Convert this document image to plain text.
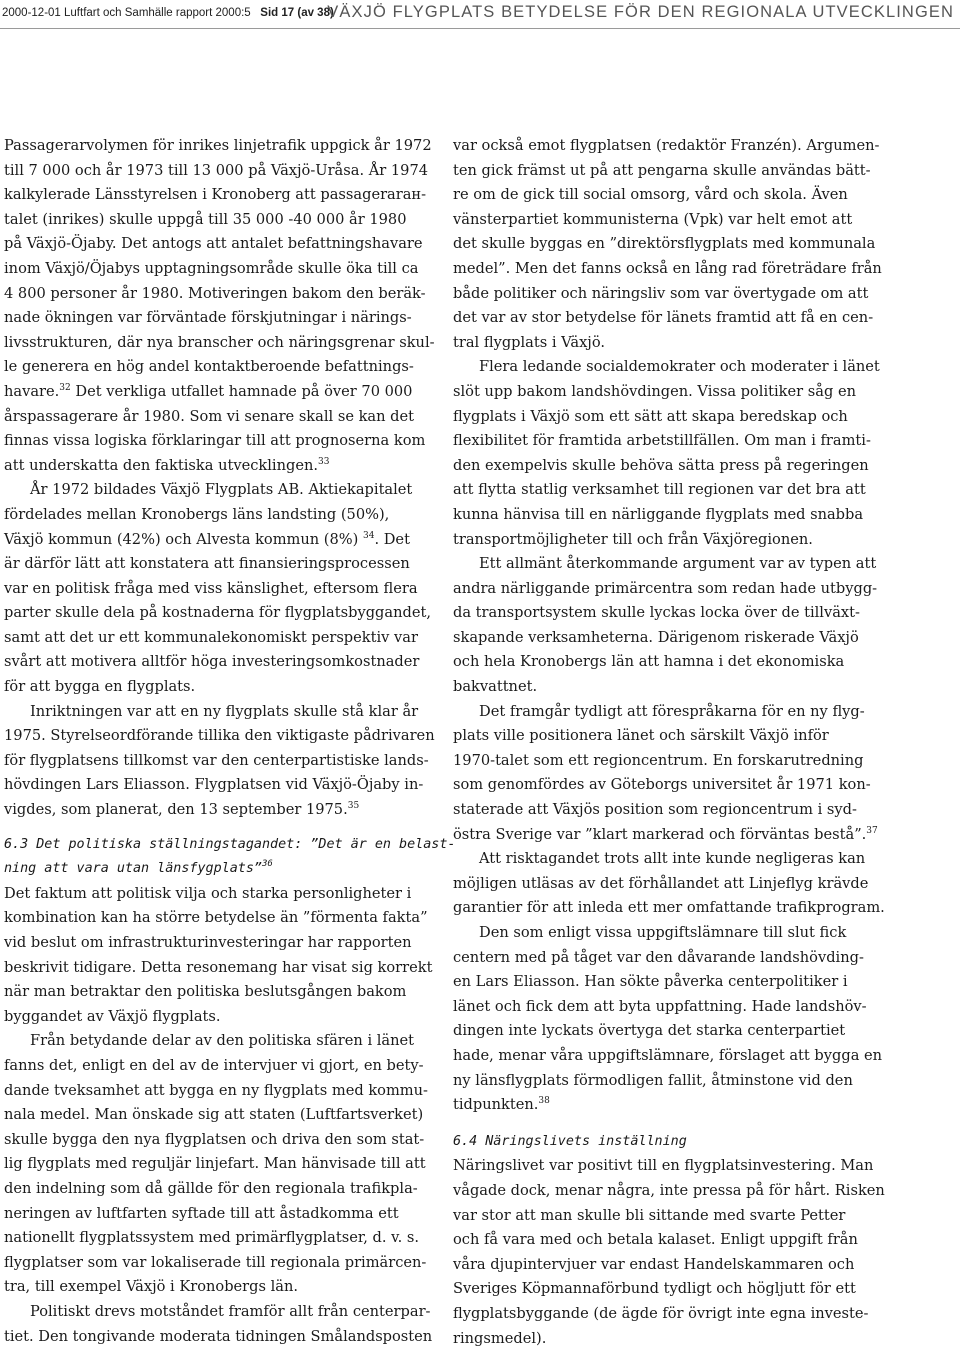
2000-12-01 Luftfart och Samhälle rapport 2000:5 Sid 17 (av 38)
VÄXJÖ FLYGPLATS BETYDELSE FÖR DEN REGIONALA UTVECKLINGEN

Passagerarvolymen för inrikes linjetrafik uppgick år 1972

till 7 000 och år 1973 till 13 000 på Växjö-Uråsa. År 1974

kalkylerade Länsstyrelsen i Kronoberg att passagerarан-

talet (inrikes) skulle uppgå till 35 000 -40 000 år 1980

på Växjö-Öjaby. Det antogs att antalet befattningshavare

inom Växjö/Öjabys upptagningsområde skulle öka till ca

4 800 personer år 1980. Motiveringen bakom den beräk-

nade ökningen var förväntade förskjutningar i närings-

livsstrukturen, där nya branscher och näringsgrenar skul-

le generera en hög andel kontaktberoende befattnings-

havare.$^{32}$ Det verkliga utfallet hamnade på över 70 000

årspassagerare år 1980. Som vi senare skall se kan det

finnas vissa logiska förklaringar till att prognoserna kom

att underskatta den faktiska utvecklingen.$^{33}$

År 1972 bildades Växjö Flygplats AB. Aktiekapitalet

fördelades mellan Kronobergs läns landsting (50%),

Växjö kommun (42%) och Alvesta kommun (8%) $^{34}$. Det

är därför lätt att konstatera att finansieringsprocessen

var en politisk fråga med viss känslighet, eftersom flera

parter skulle dela på kostnaderna för flygplatsbyggandet,

samt att det ur ett kommunalekonomiskt perspektiv var

svårt att motivera alltför höga investeringsomkostnader

för att bygga en flygplats.

Inriktningen var att en ny flygplats skulle stå klar år

1975. Styrelseordförande tillika den viktigaste pådrivaren

för flygplatsens tillkomst var den centerpartistiske lands-

hövdingen Lars Eliasson. Flygplatsen vid Växjö-Öjaby in-

vigdes, som planerat, den 13 september 1975.35

6.3 Det politiska ställningstagandet: ”Det är en belast-
ning att vara utan länsfygplats”$^{36}$

Det faktum att politisk vilja och starka personligheter i

kombination kan ha större betydelse än ”förmenta fakta”

vid beslut om infrastrukturinvesteringar har rapporten

beskrivit tidigare. Detta resonemang har visat sig korrekt

när man betraktar den politiska beslutsgången bakom

byggandet av Växjö flygplats.

Från betydande delar av den politiska sfären i länet

fanns det, enligt en del av de intervjuer vi gjort, en bety-

dande tveksamhet att bygga en ny flygplats med kommu-

nala medel. Man önskade sig att staten (Luftfartsverket)

skulle bygga den nya flygplatsen och driva den som stat-

lig flygplats med reguljär linjefart. Man hänvisade till att

den indelning som då gällde för den regionala trafikpla-

neringen av luftfarten syftade till att åstadkomma ett

nationellt flygplatssystem med primärflygplatser, d. v. s.

flygplatser som var lokaliserade till regionala primärcen-

tra, till exempel Växjö i Kronobergs län.

Politiskt drevs motståndet framför allt från centerpar-

tiet. Den tongivande moderata tidningen Smålandsposten

var också emot flygplatsen (redaktör Franzén). Argumen-

ten gick främst ut på att pengarna skulle användas bätt-

re om de gick till social omsorg, vård och skola. Även

vänsterpartiet kommunisterna (Vpk) var helt emot att

det skulle byggas en ”direktörsflygplats med kommunala

medel”. Men det fanns också en lång rad företrädare från

både politiker och näringsliv som var övertygade om att

det var av stor betydelse för länets framtid att få en cen-

tral flygplats i Växjö.

Flera ledande socialdemokrater och moderater i länet

slöt upp bakom landshövdingen. Vissa politiker såg en

flygplats i Växjö som ett sätt att skapa beredskap och

flexibilitet för framtida arbetstillfällen. Om man i framti-

den exempelvis skulle behöva sätta press på regeringen

att flytta statlig verksamhet till regionen var det bra att

kunna hänvisa till en närliggande flygplats med snabba

transportmöjligheter till och från Växjöregionen.

Ett allmänt återkommande argument var av typen att

andra närliggande primärcentra som redan hade utbygg-

da transportsystem skulle lyckas locka över de tillväxt-

skapande verksamheterna. Därigenom riskerade Växjö

och hela Kronobergs län att hamna i det ekonomiska

bakvattnet.

Det framgår tydligt att förespråkarna för en ny flyg-

plats ville positionera länet och särskilt Växjö inför

1970-talet som ett regioncentrum. En forskarutredning

som genomfördes av Göteborgs universitet år 1971 kon-

staterade att Växjös position som regioncentrum i syd-

östra Sverige var ”klart markerad och förväntas bestå”.$^{37}$

Att risktagandet trots allt inte kunde negligeras kan

möjligen utläsas av det förhållandet att Linjeflyg krävde

garantier för att inleda ett mer omfattande trafikprogram.

Den som enligt vissa uppgiftslämnare till slut fick

centern med på tåget var den dåvarande landshövding-

en Lars Eliasson. Han sökte påverka centerpolitiker i

länet och fick dem att byta uppfattning. Hade landshöv-

dingen inte lyckats övertyga det starka centerpartiet

hade, menar våra uppgiftslämnare, förslaget att bygga en

ny länsflygplats förmodligen fallit, åtminstone vid den

tidpunkten.$^{38}$

6.4 Näringslivets inställning

Näringslivet var positivt till en flygplatsinvestering. Man

vågade dock, menar några, inte pressa på för hårt. Risken

var stor att man skulle bli sittande med svarte Petter

och få vara med och betala kalaset. Enligt uppgift från

våra djupintervjuer var endast Handelskammaren och

Sveriges Köpmannaförbund tydligt och högljutt för ett

flygplatsbyggande (de ägde för övrigt inte egna investe-

ringsmedel).
